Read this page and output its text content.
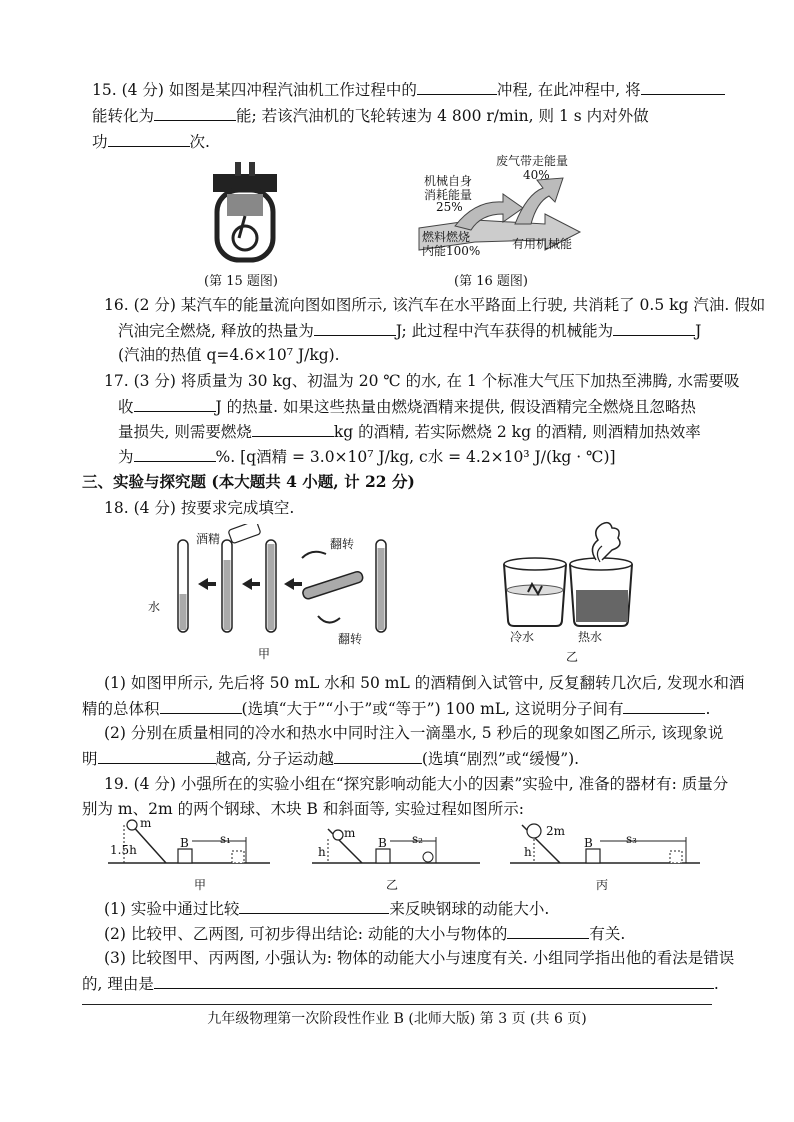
15. (4 分) 如图是某四冲程汽油机工作过程中的	冲程, 在此冲程中, 将
能转化为	能; 若该汽油机的飞轮转速为 4 800 r/min, 则 1 s 内对外做
功	次.
(第 15 题图)
废气带走能量
40%
机械自身
消耗能量
25%
燃料燃烧
内能100%	有用机械能
(第 16 题图)
16. (2 分) 某汽车的能量流向图如图所示, 该汽车在水平路面上行驶, 共消耗了 0.5 kg 汽油. 假如
汽油完全燃烧, 释放的热量为	J; 此过程中汽车获得的机械能为	J
(汽油的热值 q=4.6×10⁷ J/kg).
17. (3 分) 将质量为 30 kg、初温为 20 ℃ 的水, 在 1 个标准大气压下加热至沸腾, 水需要吸
收	J 的热量. 如果这些热量由燃烧酒精来提供, 假设酒精完全燃烧且忽略热
量损失, 则需要燃烧	kg 的酒精, 若实际燃烧 2 kg 的酒精, 则酒精加热效率
为	%. [q酒精 = 3.0×10⁷ J/kg, c水 = 4.2×10³ J/(kg · ℃)]
三、实验与探究题 (本大题共 4 小题, 计 22 分)
18. (4 分) 按要求完成填空.
酒精	翻转
水
翻转
甲
冷水	热水
乙
(1) 如图甲所示, 先后将 50 mL 水和 50 mL 的酒精倒入试管中, 反复翻转几次后, 发现水和酒
精的总体积	(选填“大于”“小于”或“等于”) 100 mL, 这说明分子间有	.
(2) 分别在质量相同的冷水和热水中同时注入一滴墨水, 5 秒后的现象如图乙所示, 该现象说
明	越高, 分子运动越	(选填“剧烈”或“缓慢”).
19. (4 分) 小强所在的实验小组在“探究影响动能大小的因素”实验中, 准备的器材有: 质量分
别为 m、2m 的两个钢球、木块 B 和斜面等, 实验过程如图所示:
m
1.5h	B	s₁
甲
m
h
B s₂
乙
2m
h
B	s₃
丙
(1) 实验中通过比较	来反映钢球的动能大小.
(2) 比较甲、乙两图, 可初步得出结论: 动能的大小与物体的	有关.
(3) 比较图甲、丙两图, 小强认为: 物体的动能大小与速度有关. 小组同学指出他的看法是错误
的, 理由是	.
九年级物理第一次阶段性作业 B (北师大版) 第 3 页 (共 6 页)
